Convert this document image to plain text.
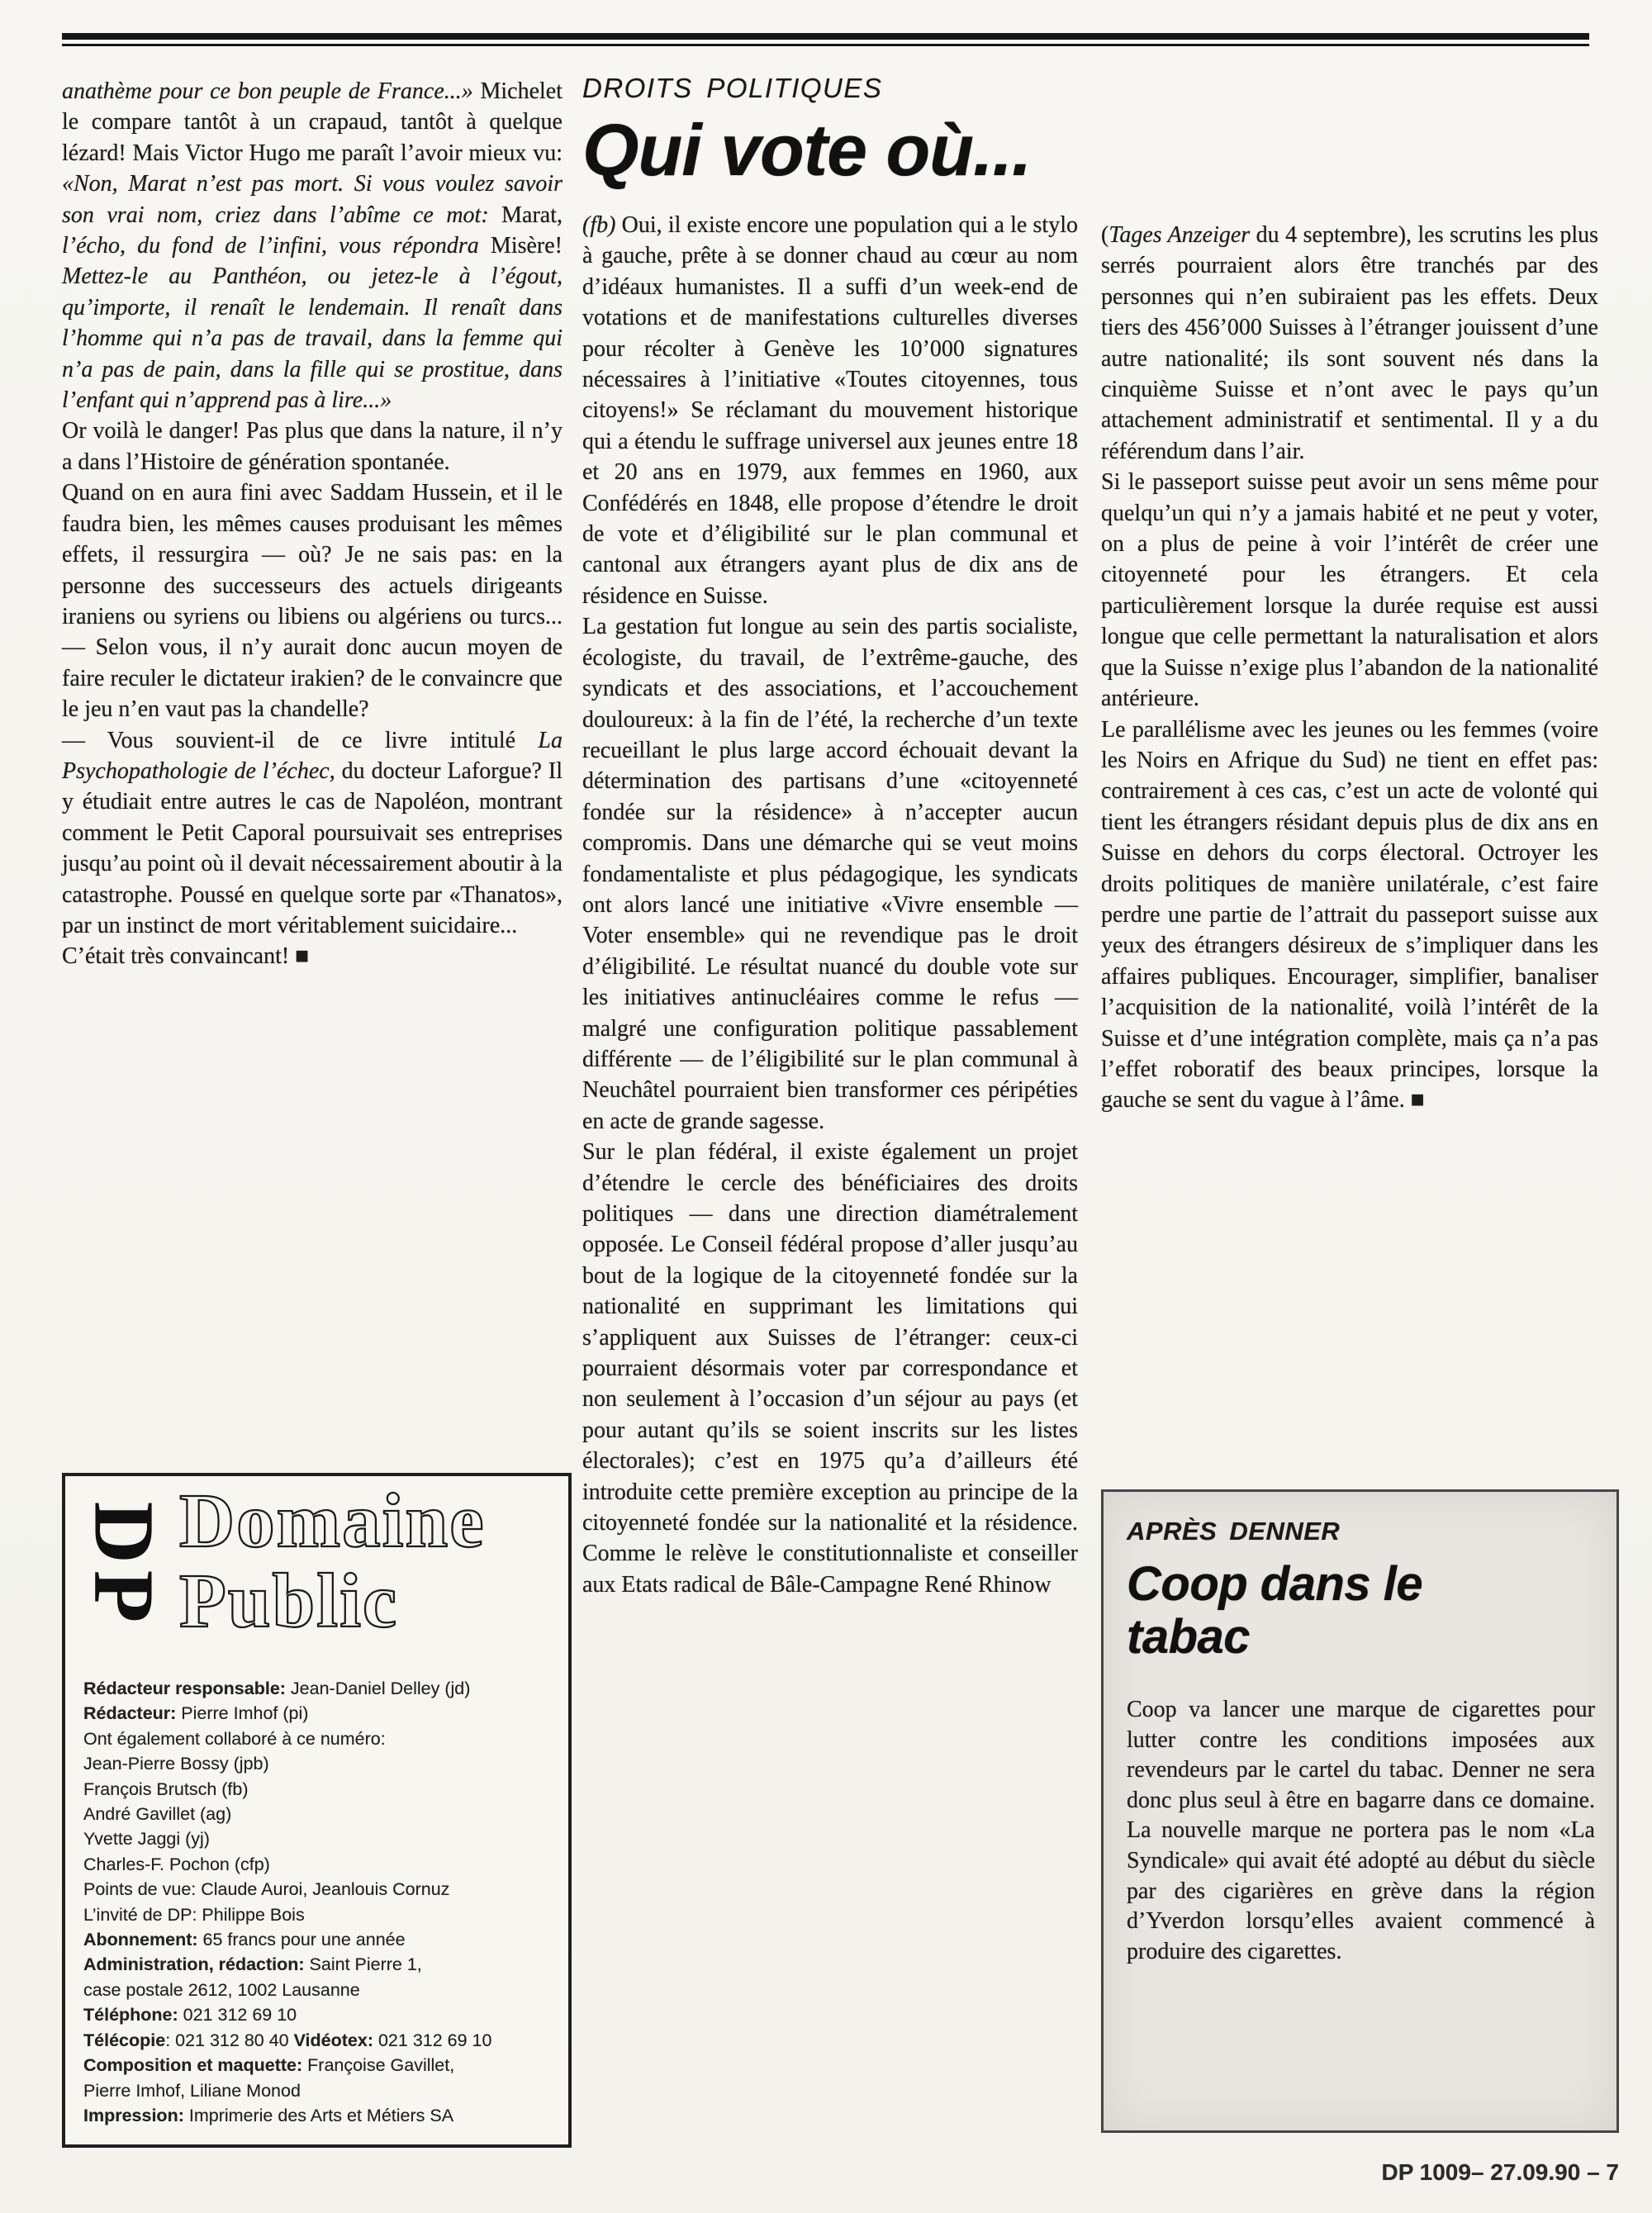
anathème pour ce bon peuple de France...» Michelet le compare tantôt à un crapaud, tantôt à quelque lézard! Mais Victor Hugo me paraît l’avoir mieux vu: «Non, Marat n’est pas mort. Si vous voulez savoir son vrai nom, criez dans l’abîme ce mot: Marat, l’écho, du fond de l’infini, vous répondra Misère! Mettez-le au Panthéon, ou jetez-le à l’égout, qu’importe, il renaît le lendemain. Il renaît dans l’homme qui n’a pas de travail, dans la femme qui n’a pas de pain, dans la fille qui se prostitue, dans l’enfant qui n’apprend pas à lire...»

Or voilà le danger! Pas plus que dans la nature, il n’y a dans l’Histoire de génération spontanée.

Quand on en aura fini avec Saddam Hussein, et il le faudra bien, les mêmes causes produisant les mêmes effets, il ressurgira — où? Je ne sais pas: en la personne des successeurs des actuels dirigeants iraniens ou syriens ou libiens ou algériens ou turcs... — Selon vous, il n’y aurait donc aucun moyen de faire reculer le dictateur irakien? de le convaincre que le jeu n’en vaut pas la chandelle?

— Vous souvient-il de ce livre intitulé La Psychopathologie de l’échec, du docteur Laforgue? Il y étudiait entre autres le cas de Napoléon, montrant comment le Petit Caporal poursuivait ses entreprises jusqu’au point où il devait nécessairement aboutir à la catastrophe. Poussé en quelque sorte par «Thanatos», par un instinct de mort véritablement suicidaire...

C’était très convaincant! ■

DP Domaine
Public
Rédacteur responsable: Jean-Daniel Delley (jd)
Rédacteur: Pierre Imhof (pi)
Ont également collaboré à ce numéro:
Jean-Pierre Bossy (jpb)
François Brutsch (fb)
André Gavillet (ag)
Yvette Jaggi (yj)
Charles-F. Pochon (cfp)
Points de vue: Claude Auroi, Jeanlouis Cornuz
L’invité de DP: Philippe Bois
Abonnement: 65 francs pour une année
Administration, rédaction: Saint Pierre 1,
case postale 2612, 1002 Lausanne
Téléphone: 021 312 69 10
Télécopie: 021 312 80 40 Vidéotex: 021 312 69 10
Composition et maquette: Françoise Gavillet,
Pierre Imhof, Liliane Monod
Impression: Imprimerie des Arts et Métiers SA
DROITS POLITIQUES
Qui vote où...

(fb) Oui, il existe encore une population qui a le stylo à gauche, prête à se donner chaud au cœur au nom d’idéaux humanistes. Il a suffi d’un week-end de votations et de manifestations culturelles diverses pour récolter à Genève les 10’000 signatures nécessaires à l’initiative «Toutes citoyennes, tous citoyens!» Se réclamant du mouvement historique qui a étendu le suffrage universel aux jeunes entre 18 et 20 ans en 1979, aux femmes en 1960, aux Confédérés en 1848, elle propose d’étendre le droit de vote et d’éligibilité sur le plan communal et cantonal aux étrangers ayant plus de dix ans de résidence en Suisse.

La gestation fut longue au sein des partis socialiste, écologiste, du travail, de l’extrême-gauche, des syndicats et des associations, et l’accouchement douloureux: à la fin de l’été, la recherche d’un texte recueillant le plus large accord échouait devant la détermination des partisans d’une «citoyenneté fondée sur la résidence» à n’accepter aucun compromis. Dans une démarche qui se veut moins fondamentaliste et plus pédagogique, les syndicats ont alors lancé une initiative «Vivre ensemble — Voter ensemble» qui ne revendique pas le droit d’éligibilité. Le résultat nuancé du double vote sur les initiatives antinucléaires comme le refus — malgré une configuration politique passablement différente — de l’éligibilité sur le plan communal à Neuchâtel pourraient bien transformer ces péripéties en acte de grande sagesse.

Sur le plan fédéral, il existe également un projet d’étendre le cercle des bénéficiaires des droits politiques — dans une direction diamétralement opposée. Le Conseil fédéral propose d’aller jusqu’au bout de la logique de la citoyenneté fondée sur la nationalité en supprimant les limitations qui s’appliquent aux Suisses de l’étranger: ceux-ci pourraient désormais voter par correspondance et non seulement à l’occasion d’un séjour au pays (et pour autant qu’ils se soient inscrits sur les listes électorales); c’est en 1975 qu’a d’ailleurs été introduite cette première exception au principe de la citoyenneté fondée sur la nationalité et la résidence. Comme le relève le constitutionnaliste et conseiller aux Etats radical de Bâle-Campagne René Rhinow

(Tages Anzeiger du 4 septembre), les scrutins les plus serrés pourraient alors être tranchés par des personnes qui n’en subiraient pas les effets. Deux tiers des 456’000 Suisses à l’étranger jouissent d’une autre nationalité; ils sont souvent nés dans la cinquième Suisse et n’ont avec le pays qu’un attachement administratif et sentimental. Il y a du référendum dans l’air.

Si le passeport suisse peut avoir un sens même pour quelqu’un qui n’y a jamais habité et ne peut y voter, on a plus de peine à voir l’intérêt de créer une citoyenneté pour les étrangers. Et cela particulièrement lorsque la durée requise est aussi longue que celle permettant la naturalisation et alors que la Suisse n’exige plus l’abandon de la nationalité antérieure.

Le parallélisme avec les jeunes ou les femmes (voire les Noirs en Afrique du Sud) ne tient en effet pas: contrairement à ces cas, c’est un acte de volonté qui tient les étrangers résidant depuis plus de dix ans en Suisse en dehors du corps électoral. Octroyer les droits politiques de manière unilatérale, c’est faire perdre une partie de l’attrait du passeport suisse aux yeux des étrangers désireux de s’impliquer dans les affaires publiques. Encourager, simplifier, banaliser l’acquisition de la nationalité, voilà l’intérêt de la Suisse et d’une intégration complète, mais ça n’a pas l’effet roboratif des beaux principes, lorsque la gauche se sent du vague à l’âme. ■

APRÈS DENNER
Coop dans le tabac

Coop va lancer une marque de cigarettes pour lutter contre les conditions imposées aux revendeurs par le cartel du tabac. Denner ne sera donc plus seul à être en bagarre dans ce domaine. La nouvelle marque ne portera pas le nom «La Syndicale» qui avait été adopté au début du siècle par des cigarières en grève dans la région d’Yverdon lorsqu’elles avaient commencé à produire des cigarettes.

DP 1009– 27.09.90 – 7
